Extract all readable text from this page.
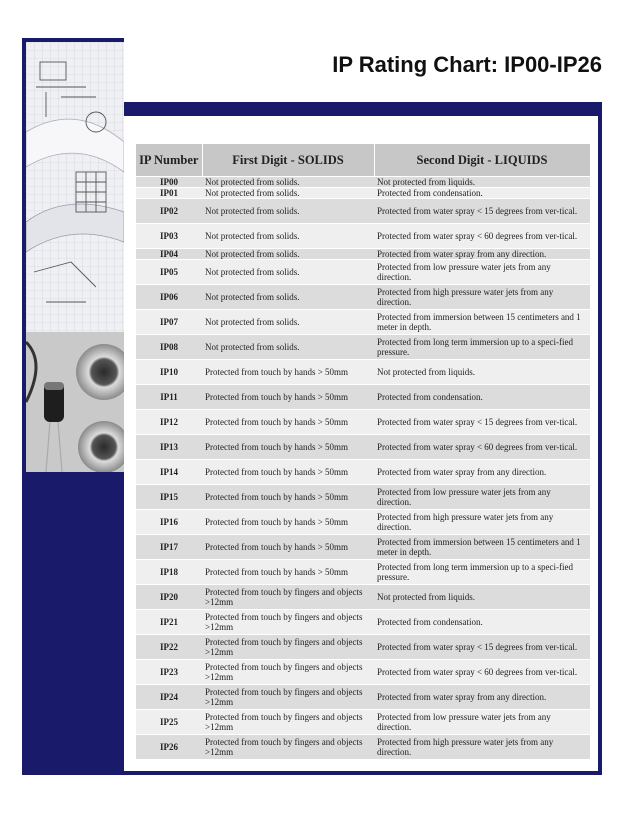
IP Rating Chart: IP00-IP26
IP Number	First Digit - SOLIDS	Second Digit - LIQUIDS
IP00	Not protected from solids.	Not protected from liquids.
IP01	Not protected from solids.	Protected from condensation.
IP02	Not protected from solids.	Protected from water spray < 15 degrees from ver-tical.
IP03	Not protected from solids.	Protected from water spray < 60 degrees from ver-tical.
IP04	Not protected from solids.	Protected from water spray from any direction.
IP05	Not protected from solids.	Protected from low pressure water jets from any direction.
IP06	Not protected from solids.	Protected from high pressure water jets from any direction.
IP07	Not protected from solids.	Protected from immersion between 15 centimeters and 1 meter in depth.
IP08	Not protected from solids.	Protected from long term immersion up to a speci-fied pressure.
IP10	Protected from touch by hands > 50mm	Not protected from liquids.
IP11	Protected from touch by hands > 50mm	Protected from condensation.
IP12	Protected from touch by hands > 50mm	Protected from water spray < 15 degrees from ver-tical.
IP13	Protected from touch by hands > 50mm	Protected from water spray < 60 degrees from ver-tical.
IP14	Protected from touch by hands > 50mm	Protected from water spray from any direction.
IP15	Protected from touch by hands > 50mm	Protected from low pressure water jets from any direction.
IP16	Protected from touch by hands > 50mm	Protected from high pressure water jets from any direction.
IP17	Protected from touch by hands > 50mm	Protected from immersion between 15 centimeters and 1 meter in depth.
IP18	Protected from touch by hands > 50mm	Protected from long term immersion up to a speci-fied pressure.
IP20	Protected from touch by fingers and objects >12mm	Not protected from liquids.
IP21	Protected from touch by fingers and objects >12mm	Protected from condensation.
IP22	Protected from touch by fingers and objects >12mm	Protected from water spray < 15 degrees from ver-tical.
IP23	Protected from touch by fingers and objects >12mm	Protected from water spray < 60 degrees from ver-tical.
IP24	Protected from touch by fingers and objects >12mm	Protected from water spray from any direction.
IP25	Protected from touch by fingers and objects >12mm	Protected from low pressure water jets from any direction.
IP26	Protected from touch by fingers and objects >12mm	Protected from high pressure water jets from any direction.
